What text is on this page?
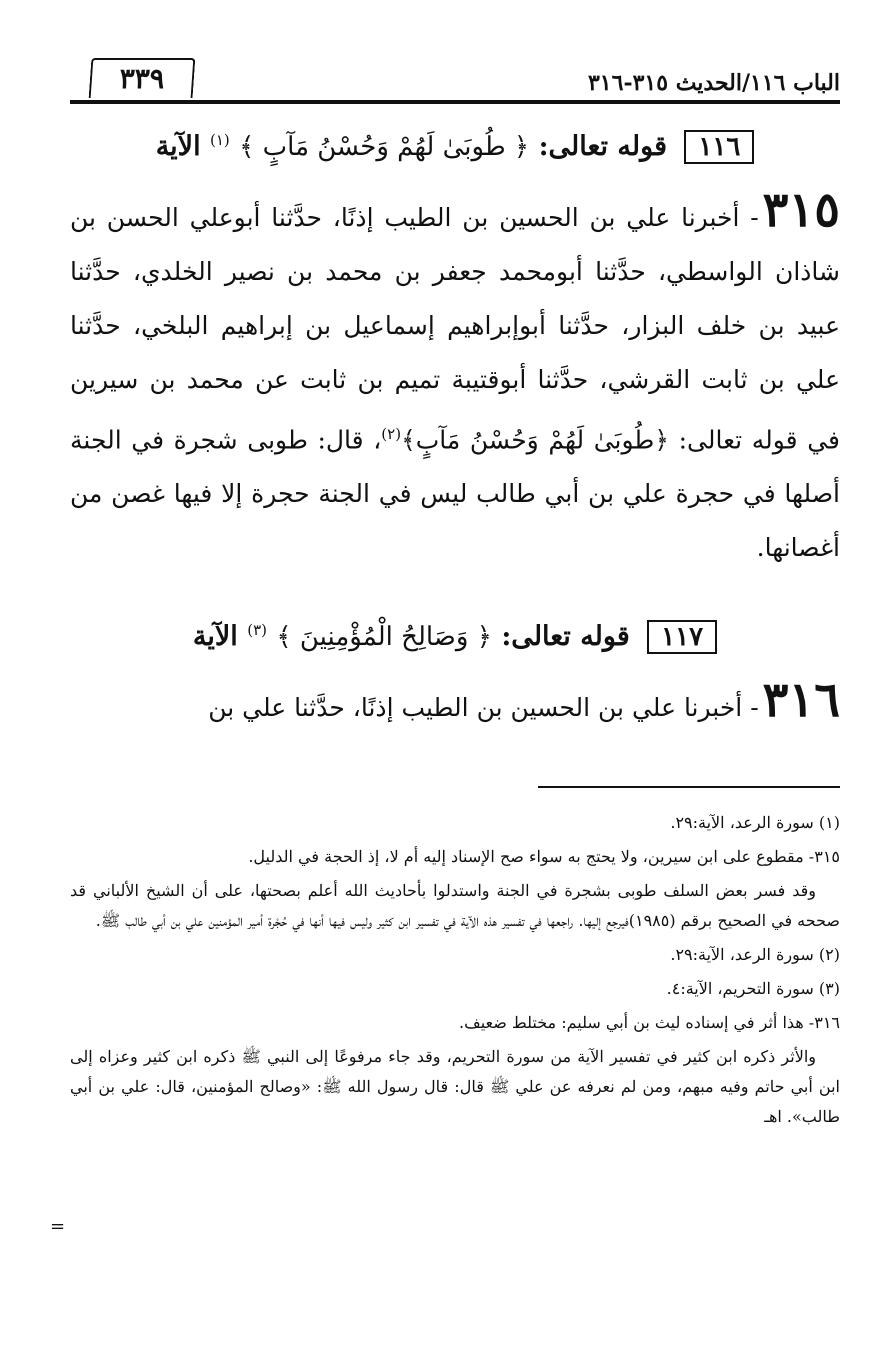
الباب ١١٦/الحديث ٣١٥-٣١٦
٣٣٩
١١٦ قوله تعالى: ﴿ طُوبَىٰ لَهُمْ وَحُسْنُ مَآبٍ ﴾ $^{(١)}$ الآية
٣١٥- أخبرنا علي بن الحسين بن الطيب إذنًا، حدَّثنا أبوعلي الحسن بن شاذان الواسطي، حدَّثنا أبومحمد جعفر بن محمد بن نصير الخلدي، حدَّثنا عبيد بن خلف البزار، حدَّثنا أبوإبراهيم إسماعيل بن إبراهيم البلخي، حدَّثنا علي بن ثابت القرشي، حدَّثنا أبوقتيبة تميم بن ثابت عن محمد بن سيرين في قوله تعالى: ﴿طُوبَىٰ لَهُمْ وَحُسْنُ مَآبٍ﴾$^{(٢)}$، قال: طوبى شجرة في الجنة أصلها في حجرة علي بن أبي طالب ليس في الجنة حجرة إلا فيها غصن من أغصانها.
١١٧ قوله تعالى: ﴿ وَصَالِحُ الْمُؤْمِنِينَ ﴾ $^{(٣)}$ الآية
٣١٦- أخبرنا علي بن الحسين بن الطيب إذنًا، حدَّثنا علي بن

(١) سورة الرعد، الآية:٢٩.

٣١٥- مقطوع على ابن سيرين، ولا يحتج به سواء صح الإسناد إليه أم لا، إذ الحجة في الدليل.

وقد فسر بعض السلف طوبى بشجرة في الجنة واستدلوا بأحاديث الله أعلم بصحتها، على أن الشيخ الألباني قد صححه في الصحيح برقم (١٩٨٥)فيرجع إليها. راجعها في تفسير هذه الآية في تفسير ابن كثير وليس فيها أنها في حُجْرة أمير المؤمنين علي بن أبي طالب ﷺ.

(٢) سورة الرعد، الآية:٢٩.

(٣) سورة التحريم، الآية:٤.

٣١٦- هذا أثر في إسناده ليث بن أبي سليم: مختلط ضعيف.

والأثر ذكره ابن كثير في تفسير الآية من سورة التحريم، وقد جاء مرفوعًا إلى النبي ﷺ ذكره ابن كثير وعزاه إلى ابن أبي حاتم وفيه مبهم، ومن لم نعرفه عن علي ﷺ قال: قال رسول الله ﷺ: «وصالح المؤمنين، قال: علي بن أبي طالب». اهـ

=
